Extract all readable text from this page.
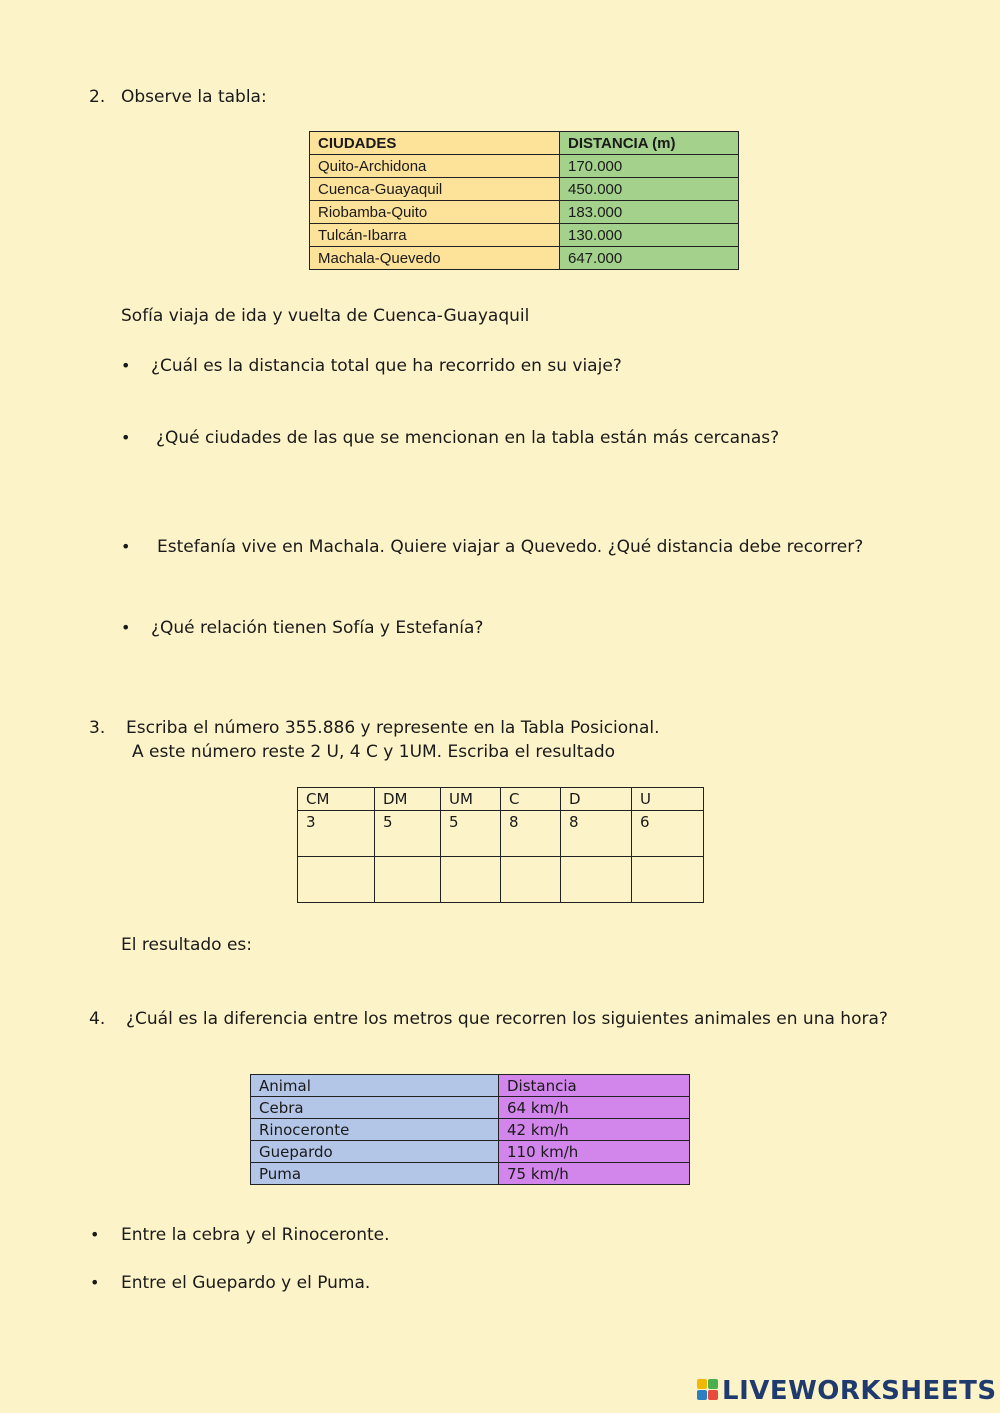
2. Observe la tabla:
CIUDADES	DISTANCIA (m)
Quito-Archidona	170.000
Cuenca-Guayaquil	450.000
Riobamba-Quito	183.000
Tulcán-Ibarra	130.000
Machala-Quevedo	647.000
Sofía viaja de ida y vuelta de Cuenca-Guayaquil
• ¿Cuál es la distancia total que ha recorrido en su viaje?
• ¿Qué ciudades de las que se mencionan en la tabla están más cercanas?
• Estefanía vive en Machala. Quiere viajar a Quevedo. ¿Qué distancia debe recorrer?
• ¿Qué relación tienen Sofía y Estefanía?
3. Escriba el número 355.886 y represente en la Tabla Posicional.
A este número reste 2 U, 4 C y 1UM. Escriba el resultado
CM	DM	UM	C	D	U
3	5	5	8	8	6

El resultado es:
4. ¿Cuál es la diferencia entre los metros que recorren los siguientes animales en una hora?
Animal	Distancia
Cebra	64 km/h
Rinoceronte	42 km/h
Guepardo	110 km/h
Puma	75 km/h
• Entre la cebra y el Rinoceronte.
• Entre el Guepardo y el Puma.
LIVEWORKSHEETS
